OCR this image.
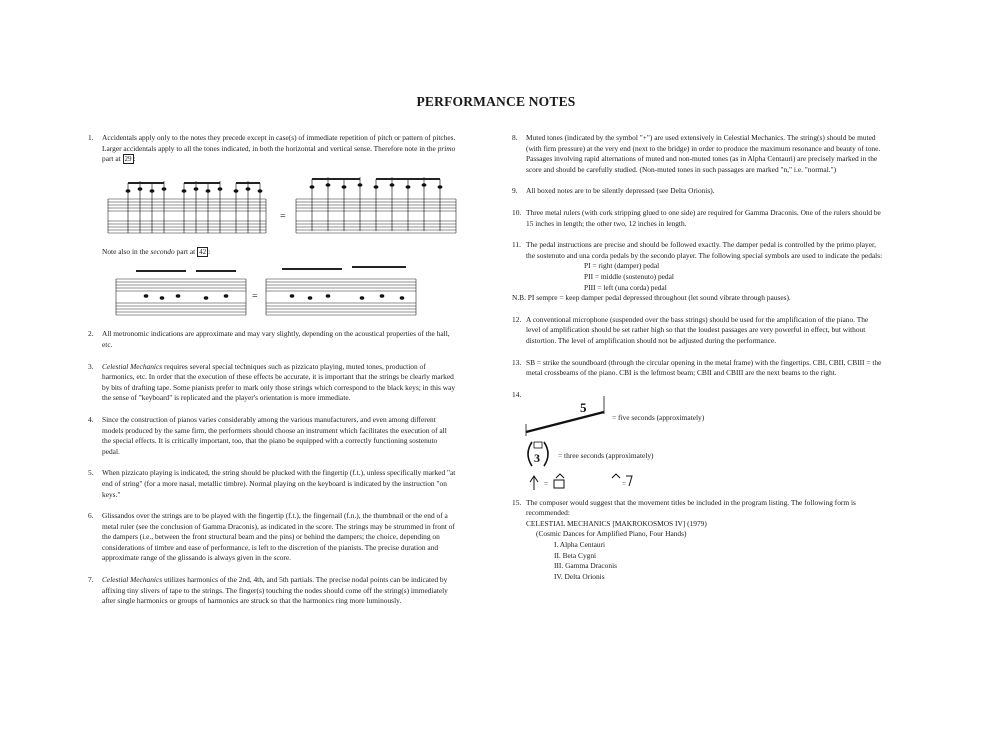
PERFORMANCE NOTES
1. Accidentals apply only to the notes they precede except in case(s) of immediate repetition of pitch or pattern of pitches. Larger accidentals apply to all the tones indicated, in both the horizontal and vertical sense. Therefore note in the primo part at 29 :
=
Note also in the secondo part at 42 :
=
2. All metronomic indications are approximate and may vary slightly, depending on the acoustical properties of the hall, etc.
3. Celestial Mechanics requires several special techniques such as pizzicato playing, muted tones, production of harmonics, etc. In order that the execution of these effects be accurate, it is important that the strings be clearly marked by bits of drafting tape. Some pianists prefer to mark only those strings which correspond to the black keys; in this way the sense of "keyboard" is replicated and the player's orientation is more immediate.
4. Since the construction of pianos varies considerably among the various manufacturers, and even among different models produced by the same firm, the performers should choose an instrument which facilitates the execution of all the special effects. It is critically important, too, that the piano be equipped with a correctly functioning sostenuto pedal.
5. When pizzicato playing is indicated, the string should be plucked with the fingertip (f.t.), unless specifically marked "at end of string" (for a more nasal, metallic timbre). Normal playing on the keyboard is indicated by the instruction "on keys."
6. Glissandos over the strings are to be played with the fingertip (f.t.), the fingernail (f.n.), the thumbnail or the end of a metal ruler (see the conclusion of Gamma Draconis), as indicated in the score. The strings may be strummed in front of the dampers (i.e., between the front structural beam and the pins) or behind the dampers; the choice, depending on considerations of timbre and ease of performance, is left to the discretion of the pianists. The precise duration and approximate range of the glissando is always given in the score.
7. Celestial Mechanics utilizes harmonics of the 2nd, 4th, and 5th partials. The precise nodal points can be indicated by affixing tiny slivers of tape to the strings. The finger(s) touching the nodes should come off the string(s) immediately after single harmonics or groups of harmonics are struck so that the harmonics ring more luminously.
8. Muted tones (indicated by the symbol "+") are used extensively in Celestial Mechanics. The string(s) should be muted (with firm pressure) at the very end (next to the bridge) in order to produce the maximum resonance and beauty of tone. Passages involving rapid alternations of muted and non-muted tones (as in Alpha Centauri) are precisely marked in the score and should be carefully studied. (Non-muted tones in such passages are marked "n," i.e. "normal.")
9. All boxed notes are to be silently depressed (see Delta Orionis).
10. Three metal rulers (with cork stripping glued to one side) are required for Gamma Draconis. One of the rulers should be 15 inches in length; the other two, 12 inches in length.
11. The pedal instructions are precise and should be followed exactly. The damper pedal is controlled by the primo player, the sostenuto and una corda pedals by the secondo player. The following special symbols are used to indicate the pedals:
PI = right (damper) pedal
PII = middle (sostenuto) pedal
PIII = left (una corda) pedal
N.B. PI sempre = keep damper pedal depressed throughout (let sound vibrate through pauses).
12. A conventional microphone (suspended over the bass strings) should be used for the amplification of the piano. The level of amplification should be set rather high so that the loudest passages are very powerful in effect, but without distortion. The level of amplification should not be adjusted during the performance.
13. SB = strike the soundboard (through the circular opening in the metal frame) with the fingertips. CBI, CBII, CBIII = the metal crossbeams of the piano. CBI is the leftmost beam; CBII and CBIII are the next beams to the right.
14.
5
= five seconds (approximately)
3 = three seconds (approximately)
=	=
15. The composer would suggest that the movement titles be included in the program listing. The following form is recommended:
CELESTIAL MECHANICS [MAKROKOSMOS IV] (1979)
(Cosmic Dances for Amplified Piano, Four Hands)
I. Alpha Centauri
II. Beta Cygni
III. Gamma Draconis
IV. Delta Orionis
